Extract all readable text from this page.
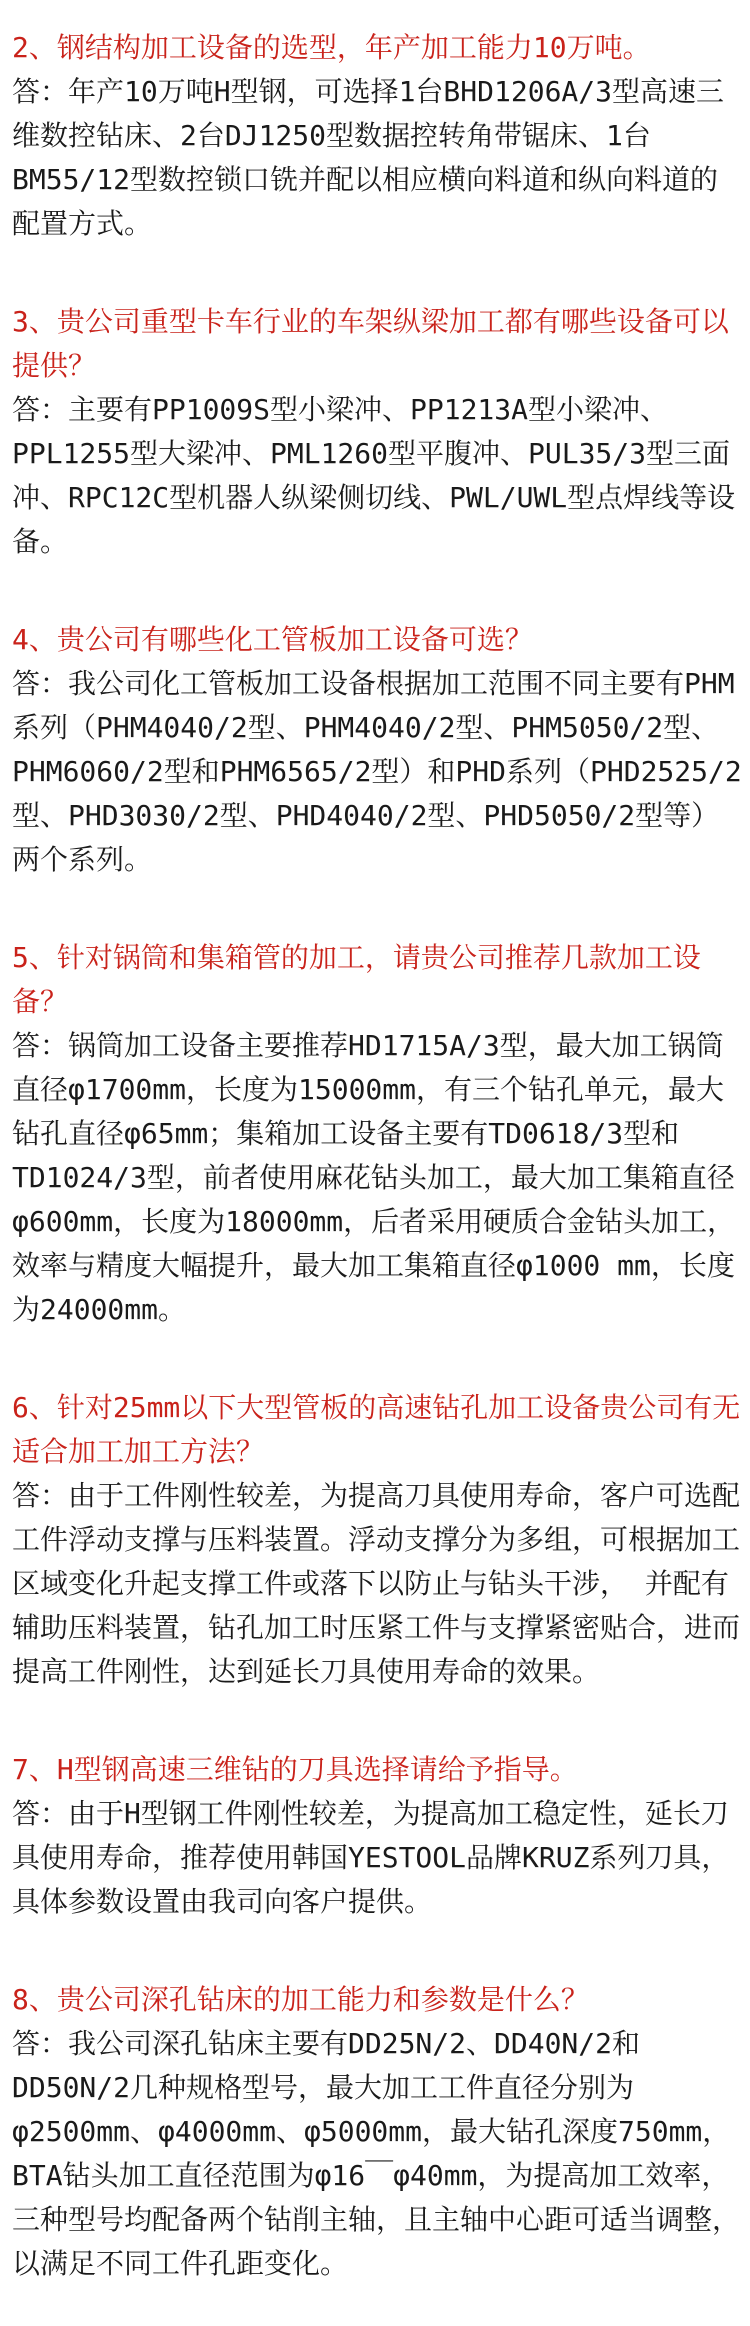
2、钢结构加工设备的选型，年产加工能力10万吨。

答：年产10万吨H型钢，可选择1台BHD1206A/3型高速三维数控钻床、2台DJ1250型数据控转角带锯床、1台BM55/12型数控锁口铣并配以相应横向料道和纵向料道的配置方式。

3、贵公司重型卡车行业的车架纵梁加工都有哪些设备可以提供？

答：主要有PP1009S型小梁冲、PP1213A型小梁冲、PPL1255型大梁冲、PML1260型平腹冲、PUL35/3型三面冲、RPC12C型机器人纵梁侧切线、PWL/UWL型点焊线等设备。

4、贵公司有哪些化工管板加工设备可选？

答：我公司化工管板加工设备根据加工范围不同主要有PHM系列（PHM4040/2型、PHM4040/2型、PHM5050/2型、PHM6060/2型和PHM6565/2型）和PHD系列（PHD2525/2型、PHD3030/2型、PHD4040/2型、PHD5050/2型等）两个系列。

5、针对锅筒和集箱管的加工，请贵公司推荐几款加工设备？

答：锅筒加工设备主要推荐HD1715A/3型，最大加工锅筒直径φ1700mm，长度为15000mm，有三个钻孔单元，最大钻孔直径φ65mm；集箱加工设备主要有TD0618/3型和TD1024/3型，前者使用麻花钻头加工，最大加工集箱直径φ600mm，长度为18000mm，后者采用硬质合金钻头加工，效率与精度大幅提升，最大加工集箱直径φ1000 mm，长度为24000mm。

6、针对25mm以下大型管板的高速钻孔加工设备贵公司有无适合加工加工方法？

答：由于工件刚性较差，为提高刀具使用寿命，客户可选配工件浮动支撑与压料装置。浮动支撑分为多组，可根据加工区域变化升起支撑工件或落下以防止与钻头干涉， 并配有辅助压料装置，钻孔加工时压紧工件与支撑紧密贴合，进而提高工件刚性，达到延长刀具使用寿命的效果。

7、H型钢高速三维钻的刀具选择请给予指导。

答：由于H型钢工件刚性较差，为提高加工稳定性，延长刀具使用寿命，推荐使用韩国YESTOOL品牌KRUZ系列刀具，具体参数设置由我司向客户提供。

8、贵公司深孔钻床的加工能力和参数是什么？

答：我公司深孔钻床主要有DD25N/2、DD40N/2和DD50N/2几种规格型号，最大加工工件直径分别为φ2500mm、φ4000mm、φ5000mm，最大钻孔深度750mm，BTA钻头加工直径范围为φ16￣φ40mm，为提高加工效率，三种型号均配备两个钻削主轴，且主轴中心距可适当调整，以满足不同工件孔距变化。
